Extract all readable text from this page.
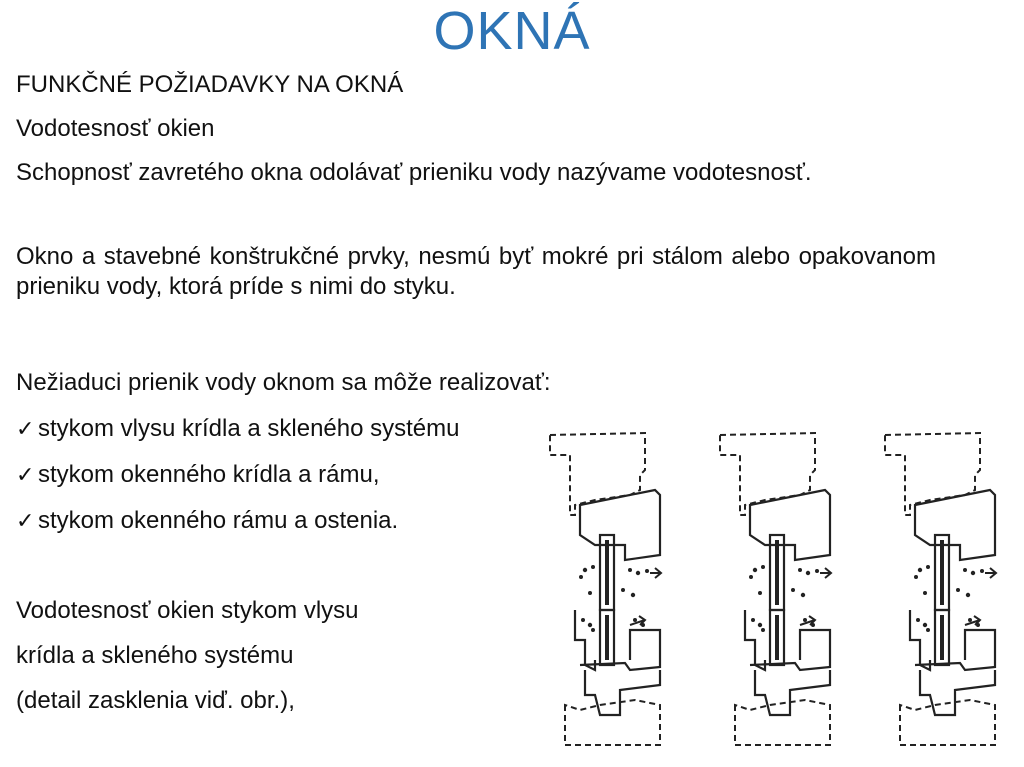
OKNÁ
FUNKČNÉ POŽIADAVKY NA OKNÁ
Vodotesnosť okien
Schopnosť zavretého okna odolávať prieniku vody nazývame vodotesnosť.
Okno a stavebné konštrukčné prvky, nesmú byť mokré pri stálom alebo opakovanom prieniku vody, ktorá príde s nimi do styku.
Nežiaduci prienik vody oknom sa môže realizovať:
✓ stykom vlysu krídla a skleného systému
✓ stykom okenného krídla a rámu,
✓ stykom okenného rámu a ostenia.
Vodotesnosť okien stykom vlysu
krídla a skleného systému
(detail zasklenia viď. obr.),
